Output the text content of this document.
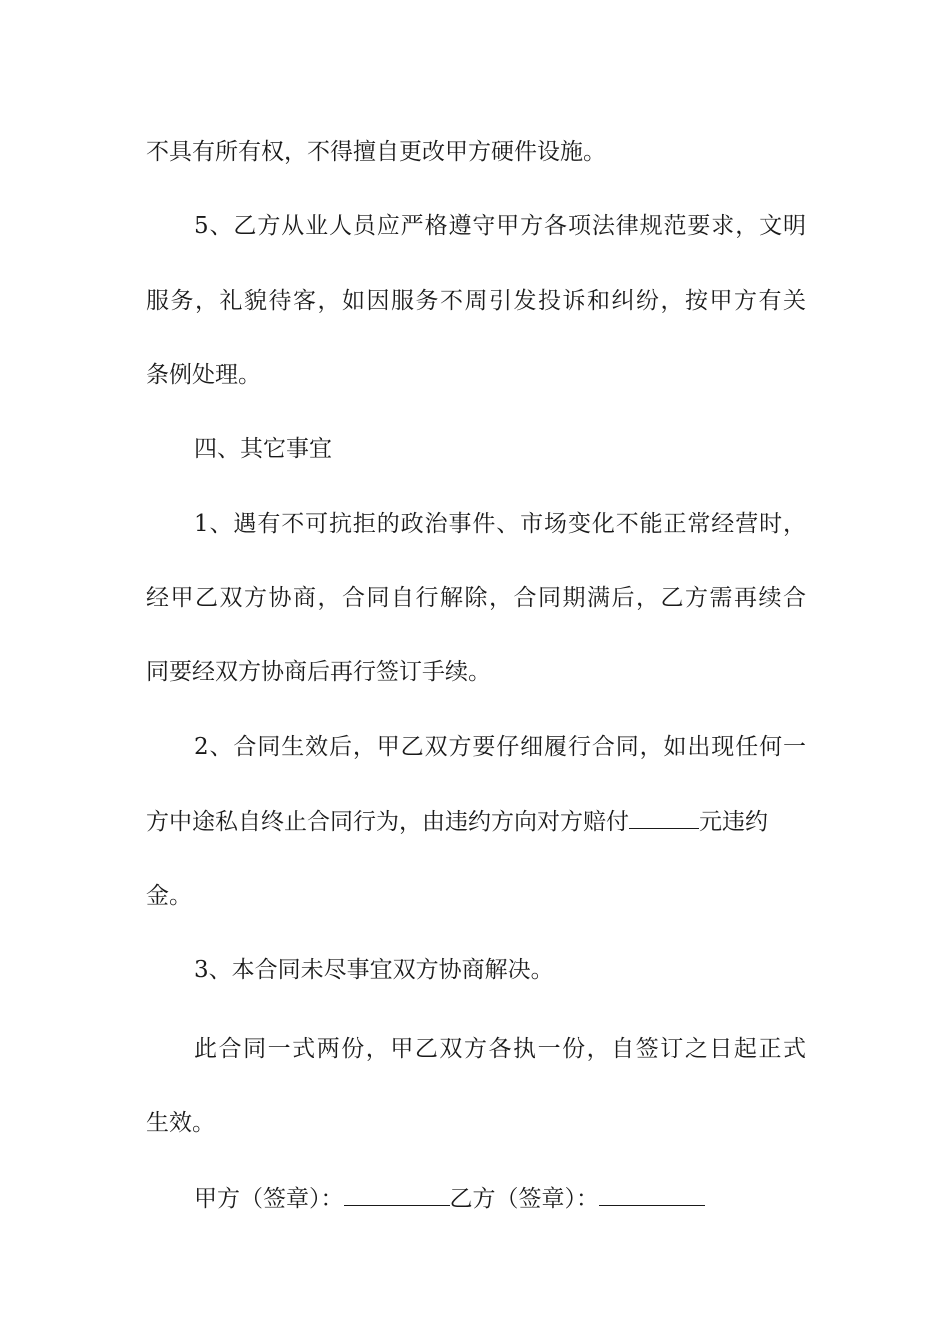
不具有所有权，不得擅自更改甲方硬件设施。
5、乙方从业人员应严格遵守甲方各项法律规范要求，文明
服务，礼貌待客，如因服务不周引发投诉和纠纷，按甲方有关
条例处理。
四、其它事宜
1、遇有不可抗拒的政治事件、市场变化不能正常经营时，
经甲乙双方协商，合同自行解除，合同期满后，乙方需再续合
同要经双方协商后再行签订手续。
2、合同生效后，甲乙双方要仔细履行合同，如出现任何一
方中途私自终止合同行为，由违约方向对方赔付	元违约
金。
3、本合同未尽事宜双方协商解决。
此合同一式两份，甲乙双方各执一份，自签订之日起正式
生效。
甲方（签章）：	乙方（签章）：
